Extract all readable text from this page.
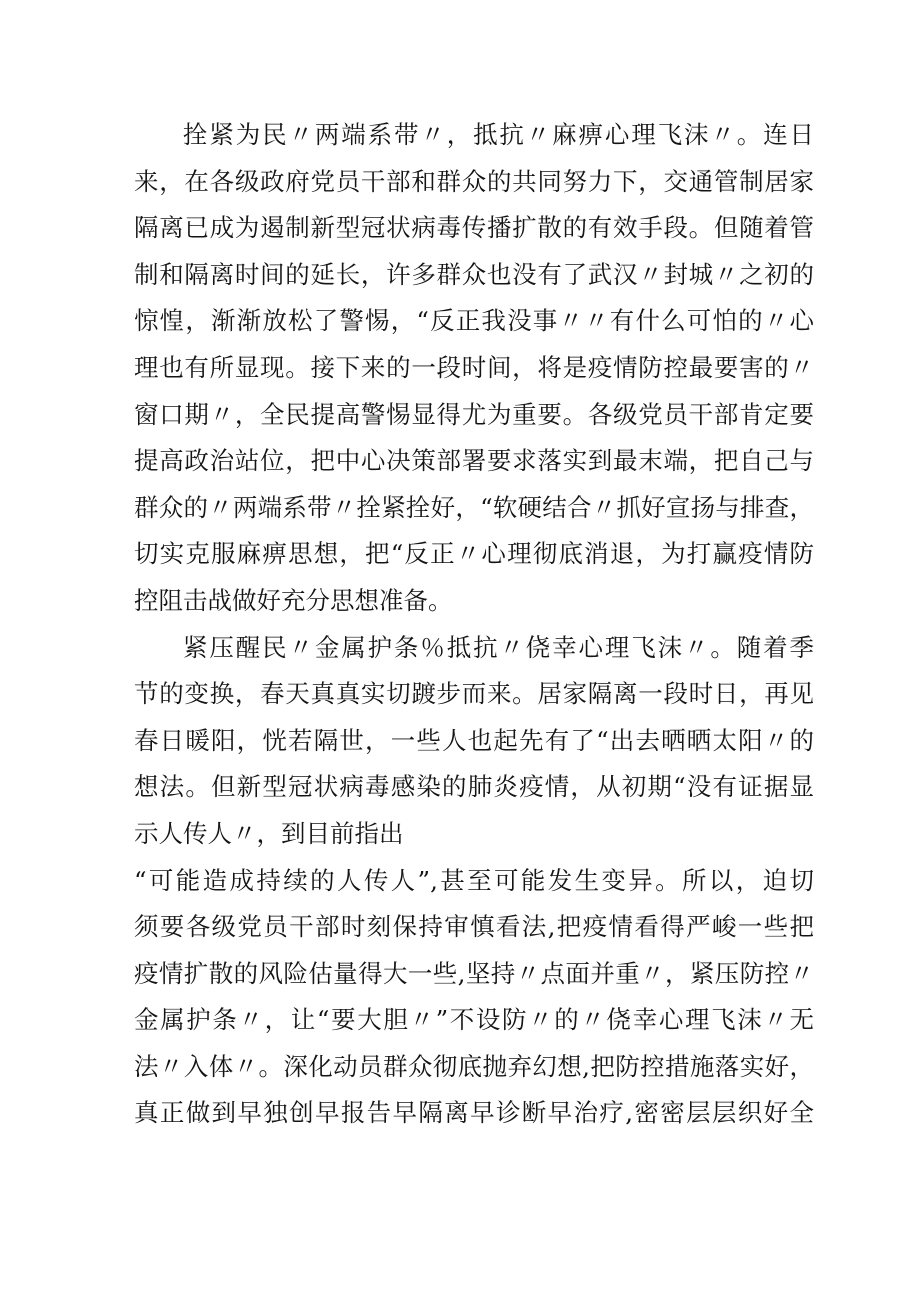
拴紧为民〃两端系带〃，抵抗〃麻痹心理飞沫〃。连日
来，在各级政府党员干部和群众的共同努力下，交通管制居家
隔离已成为遏制新型冠状病毒传播扩散的有效手段。但随着管
制和隔离时间的延长，许多群众也没有了武汉〃封城〃之初的
惊惶，渐渐放松了警惕，“反正我没事〃〃有什么可怕的〃心
理也有所显现。接下来的一段时间，将是疫情防控最要害的〃
窗口期〃，全民提高警惕显得尤为重要。各级党员干部肯定要
提高政治站位，把中心决策部署要求落实到最末端，把自己与
群众的〃两端系带〃拴紧拴好，“软硬结合〃抓好宣扬与排查，
切实克服麻痹思想，把“反正〃心理彻底消退，为打赢疫情防
控阻击战做好充分思想准备。
紧压醒民〃金属护条％抵抗〃侥幸心理飞沫〃。随着季
节的变换，春天真真实切踱步而来。居家隔离一段时日，再见
春日暖阳，恍若隔世，一些人也起先有了“出去晒晒太阳〃的
想法。但新型冠状病毒感染的肺炎疫情，从初期“没有证据显
示人传人〃，到目前指出
“可能造成持续的人传人”,甚至可能发生变异。所以，迫切
须要各级党员干部时刻保持审慎看法,把疫情看得严峻一些把
疫情扩散的风险估量得大一些,坚持〃点面并重〃，紧压防控〃
金属护条〃，让“要大胆〃”不设防〃的〃侥幸心理飞沫〃无
法〃入体〃。深化动员群众彻底抛弃幻想,把防控措施落实好，
真正做到早独创早报告早隔离早诊断早治疗,密密层层织好全
